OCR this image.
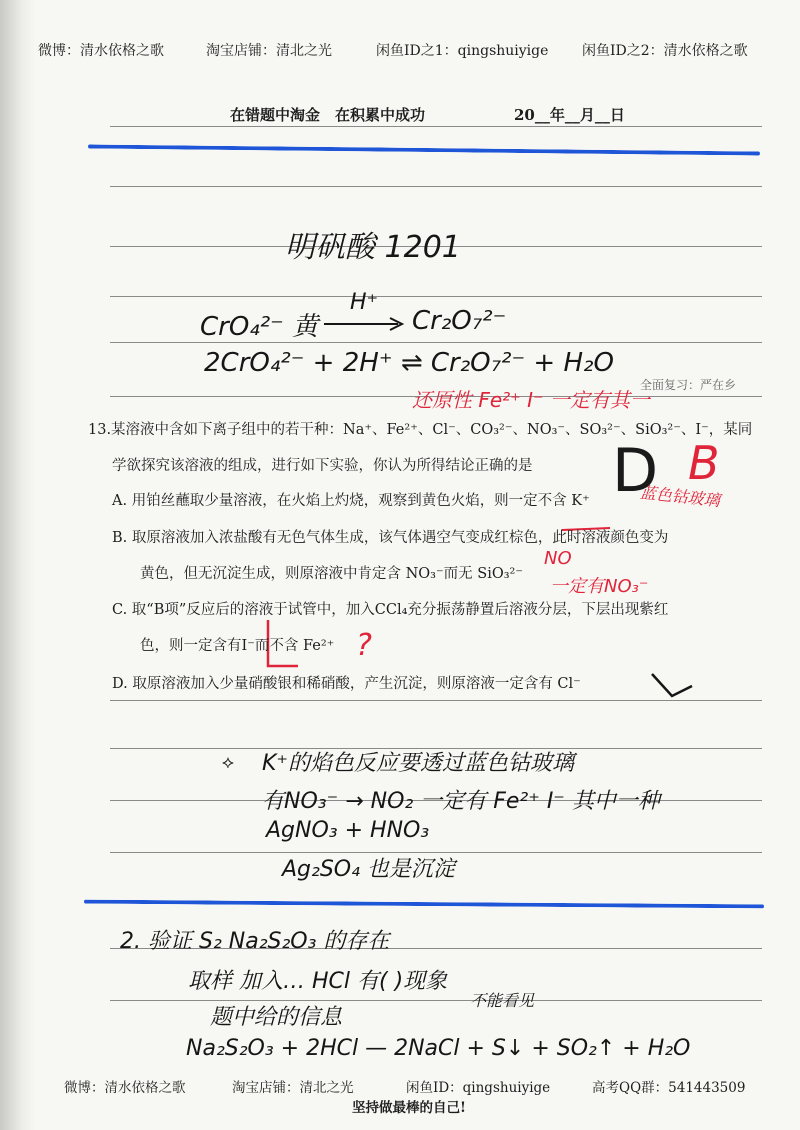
微博：清水依格之歌	淘宝店铺：清北之光	闲鱼ID之1：qingshuiyige 闲鱼ID之2：清水依格之歌
在错题中淘金　在积累中成功	20__年__月__日
明矾酸 1201
CrO₄²⁻ 黄
H⁺
Cr₂O₇²⁻
2CrO₄²⁻ + 2H⁺ ⇌ Cr₂O₇²⁻ + H₂O
全面复习：严在乡
还原性 Fe²⁺ I⁻ 一定有其一
蓝色钴玻璃
NO
一定有NO₃⁻
?
13.某溶液中含如下离子组中的若干种：Na⁺、Fe²⁺、Cl⁻、CO₃²⁻、NO₃⁻、SO₃²⁻、SiO₃²⁻、I⁻，某同
学欲探究该溶液的组成，进行如下实验，你认为所得结论正确的是
A. 用铂丝蘸取少量溶液，在火焰上灼烧，观察到黄色火焰，则一定不含 K⁺
B. 取原溶液加入浓盐酸有无色气体生成，该气体遇空气变成红棕色，此时溶液颜色变为
黄色，但无沉淀生成，则原溶液中肯定含 NO₃⁻而无 SiO₃²⁻
C. 取“B项”反应后的溶液于试管中，加入CCl₄充分振荡静置后溶液分层，下层出现紫红
色，则一定含有I⁻而不含 Fe²⁺
D. 取原溶液加入少量硝酸银和稀硝酸，产生沉淀，则原溶液一定含有 Cl⁻
D B
⟡ K⁺的焰色反应要透过蓝色钴玻璃
有NO₃⁻ → NO₂ 一定有 Fe²⁺ I⁻ 其中一种
AgNO₃ + HNO₃
Ag₂SO₄ 也是沉淀
2. 验证 S₂ Na₂S₂O₃ 的存在
取样 加入… HCl 有( )现象
题中给的信息
不能看见
Na₂S₂O₃ + 2HCl — 2NaCl + S↓ + SO₂↑ + H₂O
微博：清水依格之歌	淘宝店铺：清北之光	闲鱼ID：qingshuiyige	高考QQ群：541443509
坚持做最棒的自己!
